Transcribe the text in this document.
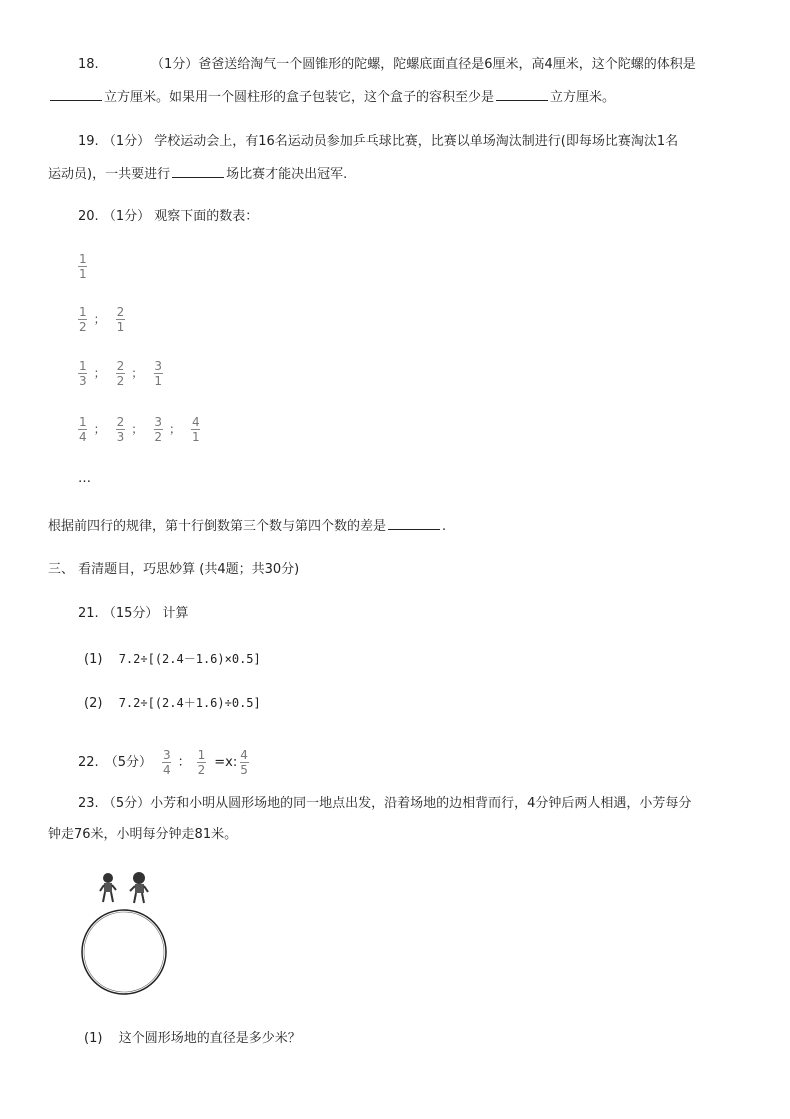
18.	（1分）爸爸送给淘气一个圆锥形的陀螺，陀螺底面直径是6厘米，高4厘米，这个陀螺的体积是
立方厘米。如果用一个圆柱形的盒子包装它，这个盒子的容积至少是	立方厘米。
19. （1分） 学校运动会上，有16名运动员参加乒乓球比赛，比赛以单场淘汰制进行(即每场比赛淘汰1名
运动员)，一共要进行	场比赛才能决出冠军.
20. （1分） 观察下面的数表：
$\frac{1}{1}$
$\frac{1}{2}$ ； $\frac{2}{1}$
$\frac{1}{3}$ ； $\frac{2}{2}$ ； $\frac{3}{1}$
$\frac{1}{4}$ ； $\frac{2}{3}$ ； $\frac{3}{2}$ ； $\frac{4}{1}$
…
根据前四行的规律，第十行倒数第三个数与第四个数的差是	.
三、 看清题目，巧思妙算 (共4题；共30分)
21. （15分） 计算
(1) 7.2÷[(2.4－1.6)×0.5]
(2) 7.2÷[(2.4＋1.6)÷0.5]
22. （5分） $\frac{3}{4}$ ： $\frac{1}{2} =x$: $\frac{4}{5}$
23. （5分）小芳和小明从圆形场地的同一地点出发，沿着场地的边相背而行，4分钟后两人相遇，小芳每分
钟走76米，小明每分钟走81米。
(1) 这个圆形场地的直径是多少米？
